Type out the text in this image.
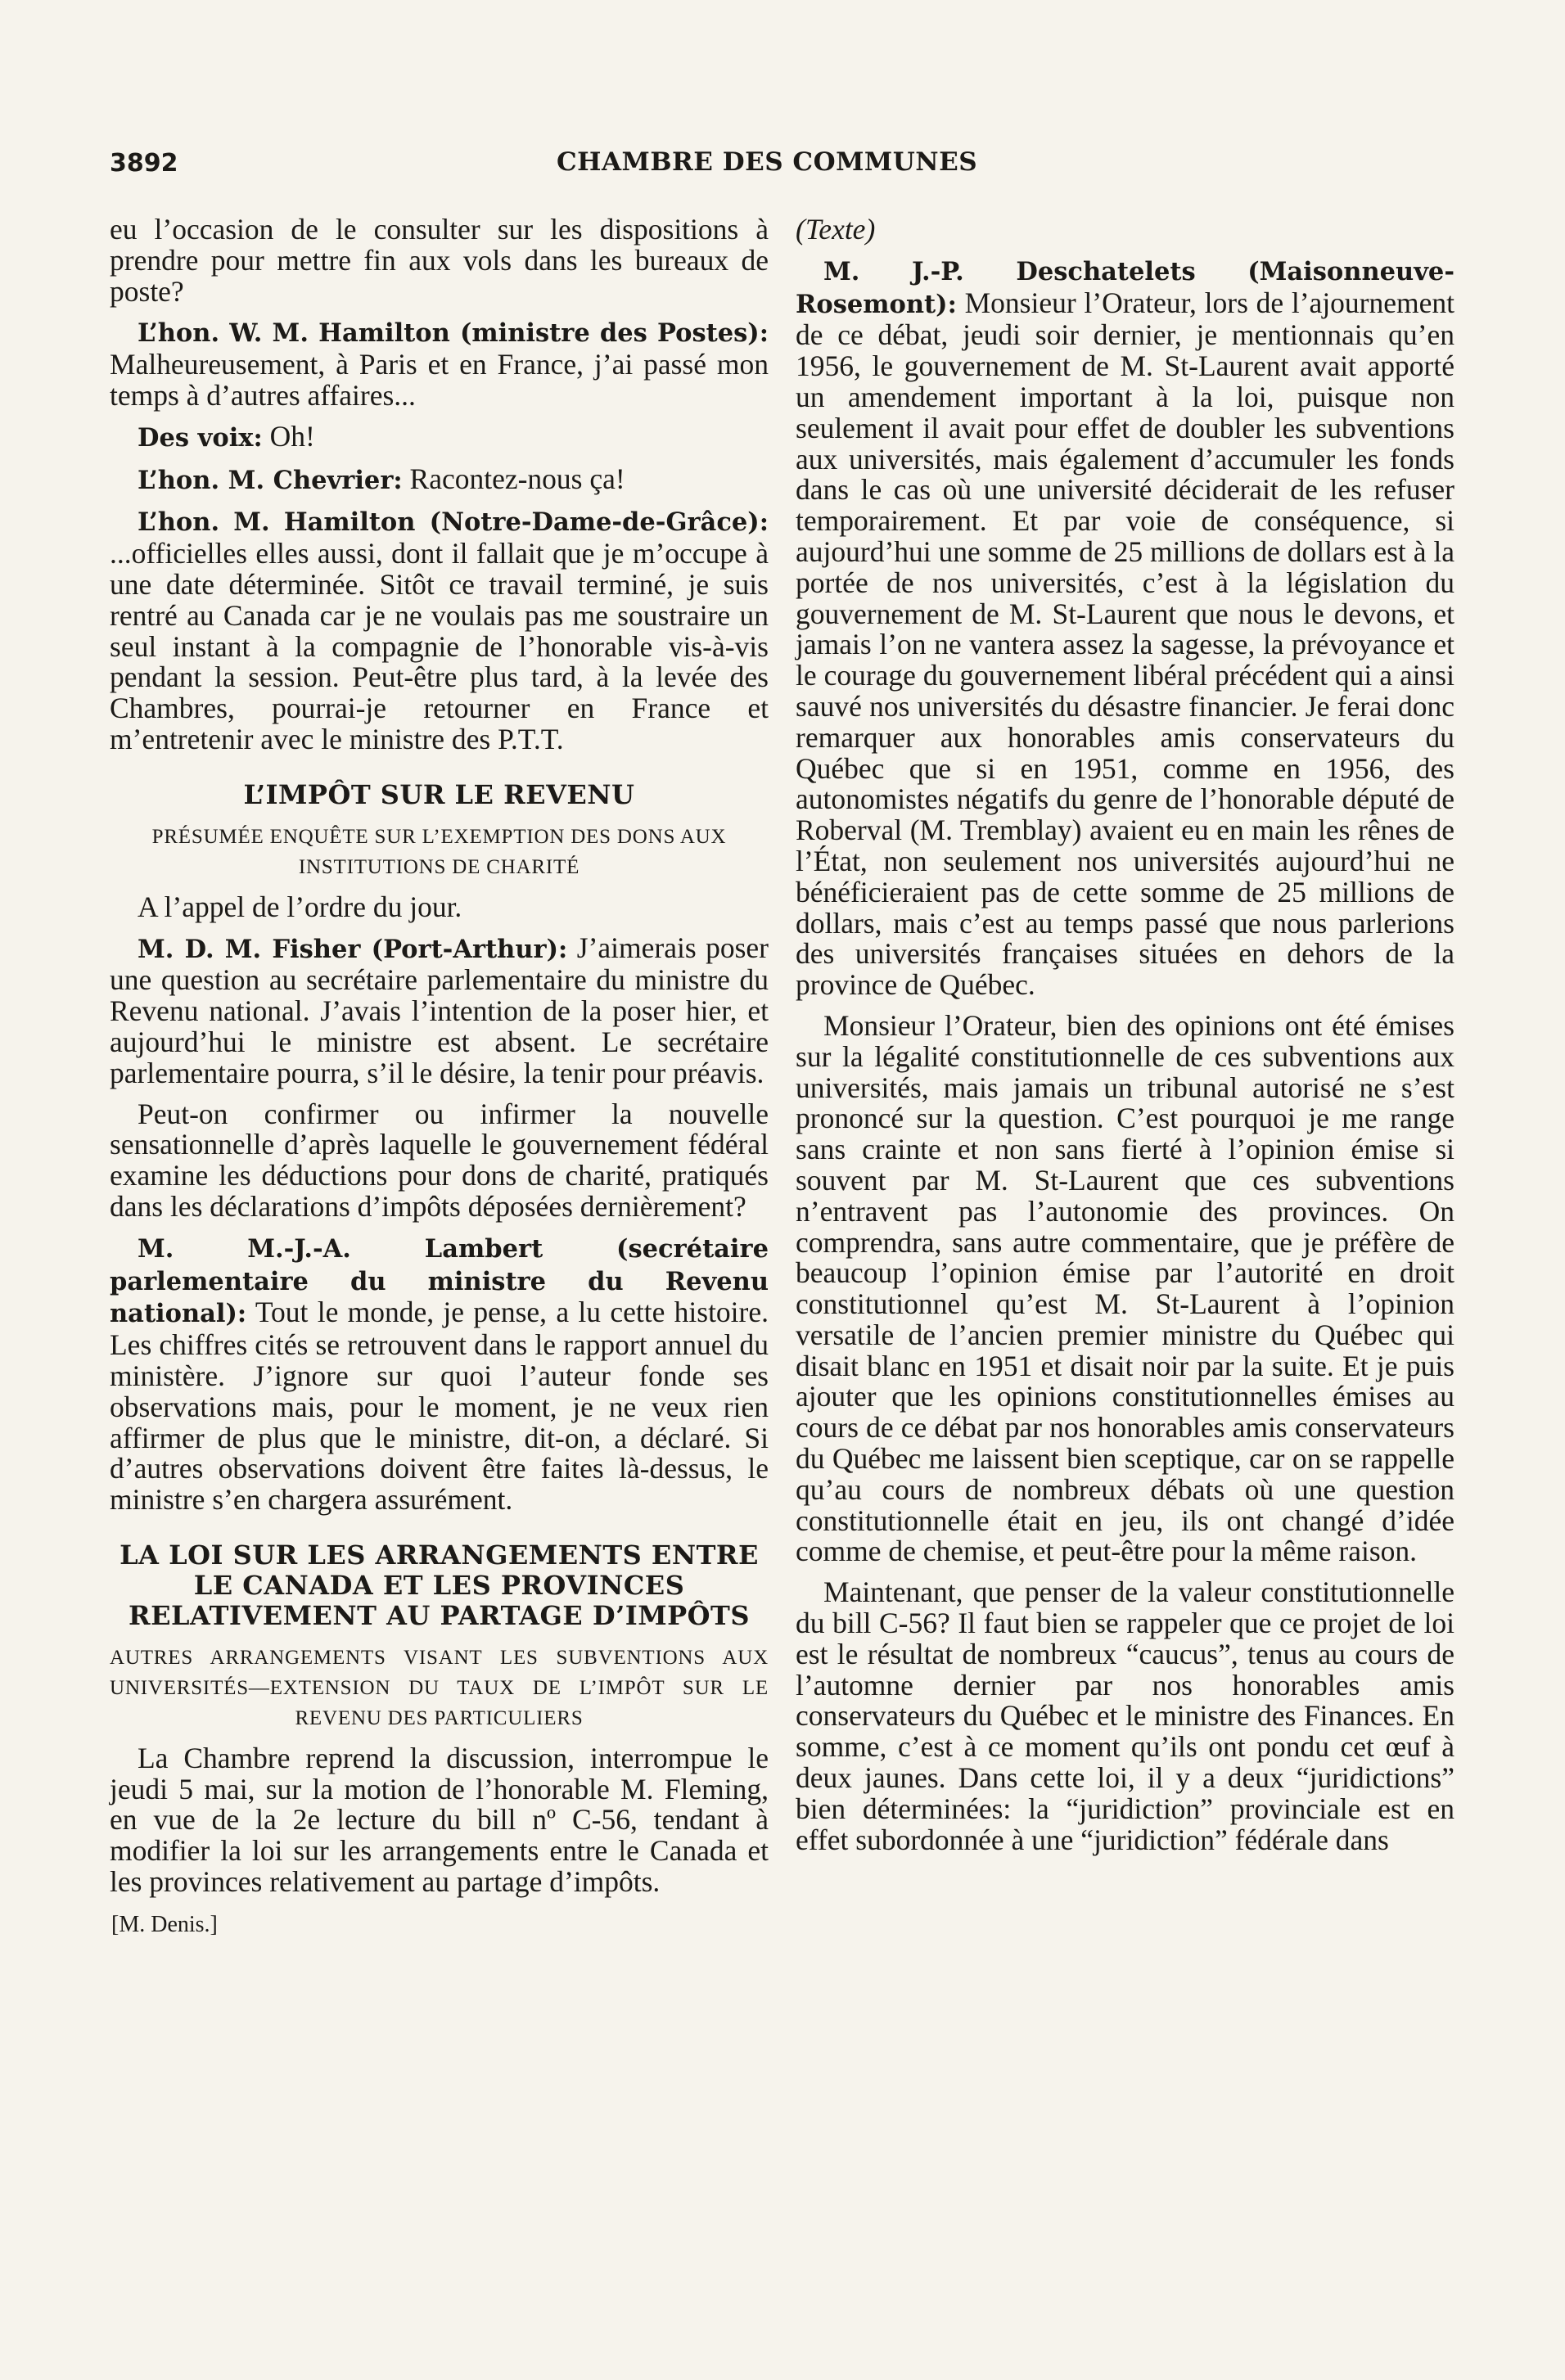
3892	CHAMBRE DES COMMUNES

eu l’occasion de le consulter sur les dispositions à prendre pour mettre fin aux vols dans les bureaux de poste?

L’hon. W. M. Hamilton (ministre des Postes): Malheureusement, à Paris et en France, j’ai passé mon temps à d’autres affaires...

Des voix: Oh!

L’hon. M. Chevrier: Racontez-nous ça!

L’hon. M. Hamilton (Notre-Dame-de-Grâce): ...officielles elles aussi, dont il fallait que je m’occupe à une date déterminée. Sitôt ce travail terminé, je suis rentré au Canada car je ne voulais pas me soustraire un seul instant à la compagnie de l’honorable vis-à-vis pendant la session. Peut-être plus tard, à la levée des Chambres, pourrai-je retourner en France et m’entretenir avec le ministre des P.T.T.

L’IMPÔT SUR LE REVENU
PRÉSUMÉE ENQUÊTE SUR L’EXEMPTION DES DONS AUX INSTITUTIONS DE CHARITÉ

A l’appel de l’ordre du jour.

M. D. M. Fisher (Port-Arthur): J’aimerais poser une question au secrétaire parlementaire du ministre du Revenu national. J’avais l’intention de la poser hier, et aujourd’hui le ministre est absent. Le secrétaire parlementaire pourra, s’il le désire, la tenir pour préavis.

Peut-on confirmer ou infirmer la nouvelle sensationnelle d’après laquelle le gouvernement fédéral examine les déductions pour dons de charité, pratiqués dans les déclarations d’impôts déposées dernièrement?

M. M.-J.-A. Lambert (secrétaire parlementaire du ministre du Revenu national): Tout le monde, je pense, a lu cette histoire. Les chiffres cités se retrouvent dans le rapport annuel du ministère. J’ignore sur quoi l’auteur fonde ses observations mais, pour le moment, je ne veux rien affirmer de plus que le ministre, dit-on, a déclaré. Si d’autres observations doivent être faites là-dessus, le ministre s’en chargera assurément.

LA LOI SUR LES ARRANGEMENTS ENTRE LE CANADA ET LES PROVINCES RELATIVEMENT AU PARTAGE D’IMPÔTS
AUTRES ARRANGEMENTS VISANT LES SUBVENTIONS AUX UNIVERSITÉS—EXTENSION DU TAUX DE L’IMPÔT SUR LE REVENU DES PARTICULIERS

La Chambre reprend la discussion, interrompue le jeudi 5 mai, sur la motion de l’honorable M. Fleming, en vue de la 2e lecture du bill nº C-56, tendant à modifier la loi sur les arrangements entre le Canada et les provinces relativement au partage d’impôts.

[M. Denis.]

(Texte)

M. J.-P. Deschatelets (Maisonneuve-Rosemont): Monsieur l’Orateur, lors de l’ajournement de ce débat, jeudi soir dernier, je mentionnais qu’en 1956, le gouvernement de M. St-Laurent avait apporté un amendement important à la loi, puisque non seulement il avait pour effet de doubler les subventions aux universités, mais également d’accumuler les fonds dans le cas où une université déciderait de les refuser temporairement. Et par voie de conséquence, si aujourd’hui une somme de 25 millions de dollars est à la portée de nos universités, c’est à la législation du gouvernement de M. St-Laurent que nous le devons, et jamais l’on ne vantera assez la sagesse, la prévoyance et le courage du gouvernement libéral précédent qui a ainsi sauvé nos universités du désastre financier. Je ferai donc remarquer aux honorables amis conservateurs du Québec que si en 1951, comme en 1956, des autonomistes négatifs du genre de l’honorable député de Roberval (M. Tremblay) avaient eu en main les rênes de l’État, non seulement nos universités aujourd’hui ne bénéficieraient pas de cette somme de 25 millions de dollars, mais c’est au temps passé que nous parlerions des universités françaises situées en dehors de la province de Québec.

Monsieur l’Orateur, bien des opinions ont été émises sur la légalité constitutionnelle de ces subventions aux universités, mais jamais un tribunal autorisé ne s’est prononcé sur la question. C’est pourquoi je me range sans crainte et non sans fierté à l’opinion émise si souvent par M. St-Laurent que ces subventions n’entravent pas l’autonomie des provinces. On comprendra, sans autre commentaire, que je préfère de beaucoup l’opinion émise par l’autorité en droit constitutionnel qu’est M. St-Laurent à l’opinion versatile de l’ancien premier ministre du Québec qui disait blanc en 1951 et disait noir par la suite. Et je puis ajouter que les opinions constitutionnelles émises au cours de ce débat par nos honorables amis conservateurs du Québec me laissent bien sceptique, car on se rappelle qu’au cours de nombreux débats où une question constitutionnelle était en jeu, ils ont changé d’idée comme de chemise, et peut-être pour la même raison.

Maintenant, que penser de la valeur constitutionnelle du bill C-56? Il faut bien se rappeler que ce projet de loi est le résultat de nombreux “caucus”, tenus au cours de l’automne dernier par nos honorables amis conservateurs du Québec et le ministre des Finances. En somme, c’est à ce moment qu’ils ont pondu cet œuf à deux jaunes. Dans cette loi, il y a deux “juridictions” bien déterminées: la “juridiction” provinciale est en effet subordonnée à une “juridiction” fédérale dans
